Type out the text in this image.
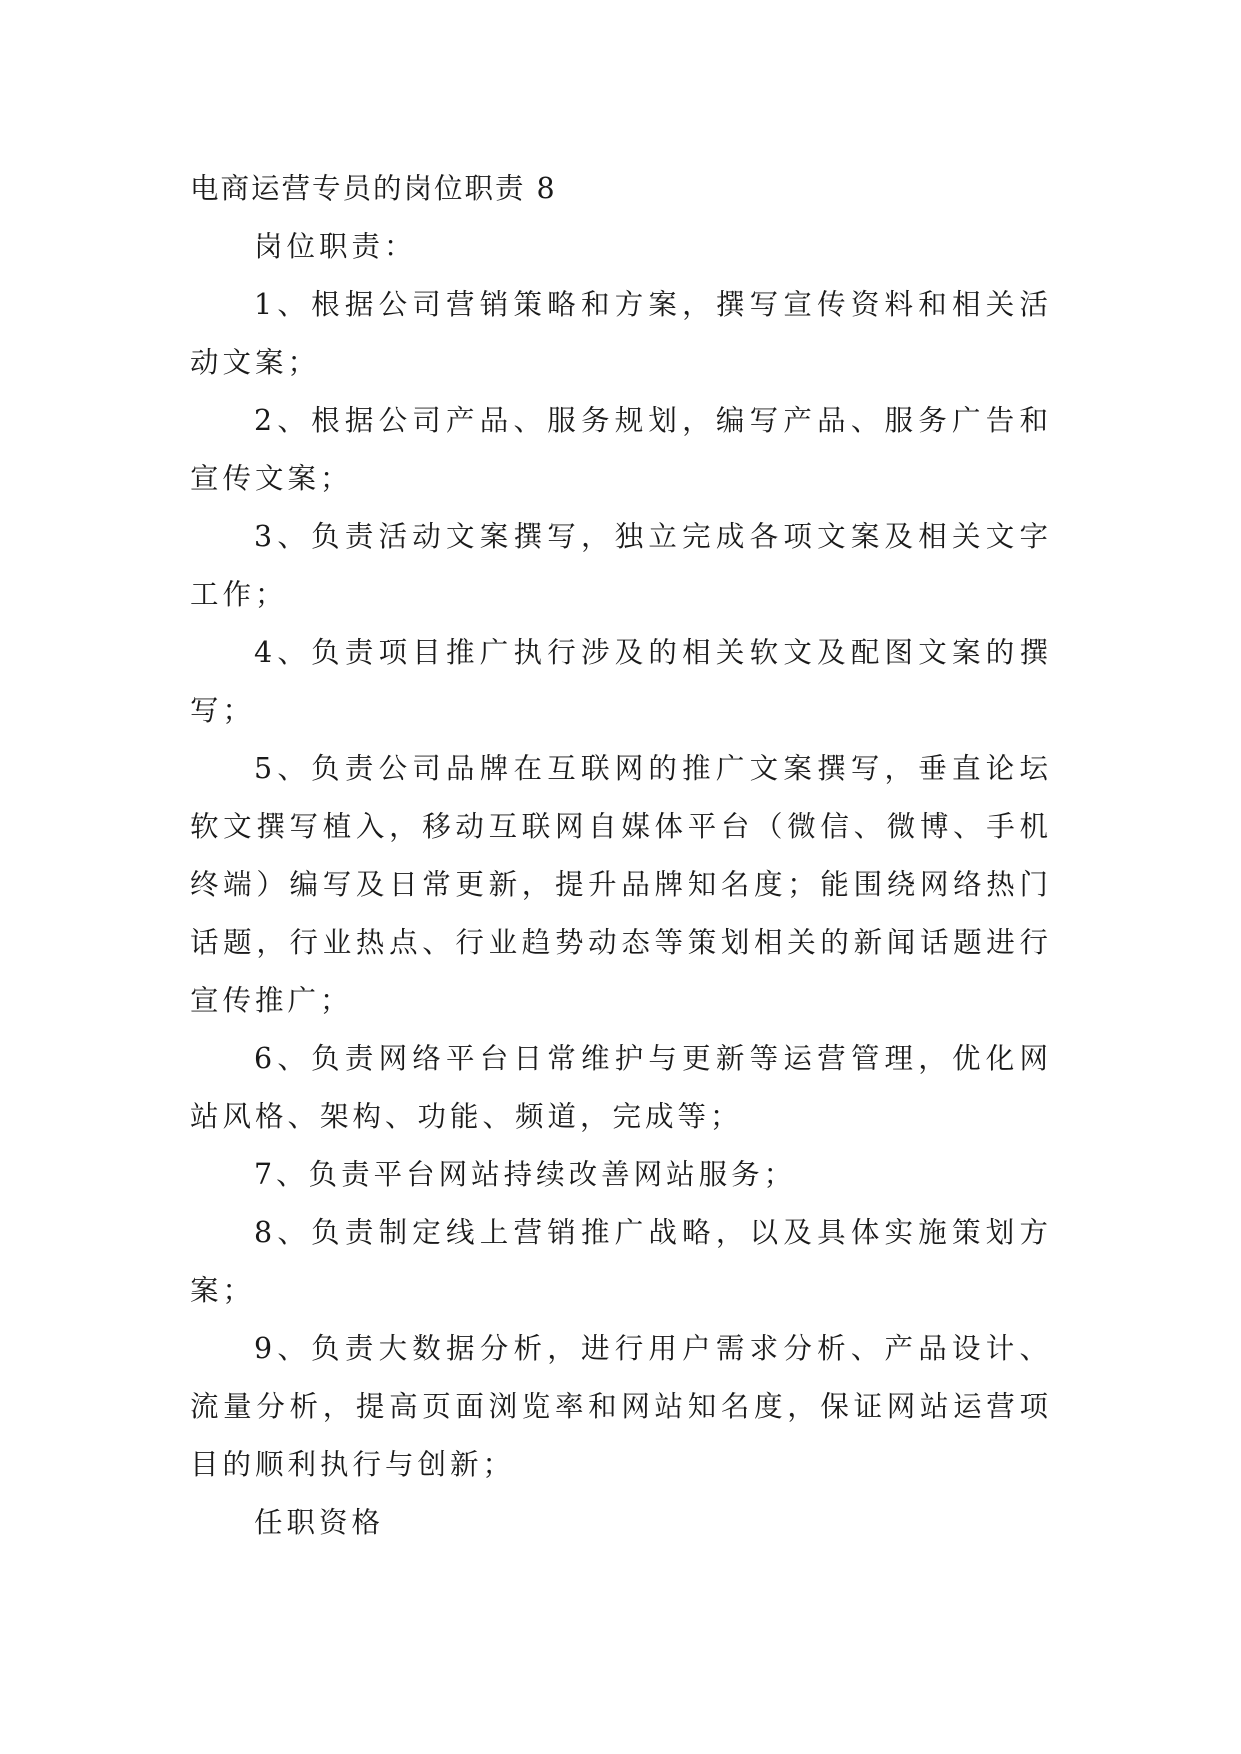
电商运营专员的岗位职责 8
岗位职责：
1、根据公司营销策略和方案，撰写宣传资料和相关活
动文案；
2、根据公司产品、服务规划，编写产品、服务广告和
宣传文案；
3、负责活动文案撰写，独立完成各项文案及相关文字
工作；
4、负责项目推广执行涉及的相关软文及配图文案的撰
写；
5、负责公司品牌在互联网的推广文案撰写，垂直论坛
软文撰写植入，移动互联网自媒体平台（微信、微博、手机
终端）编写及日常更新，提升品牌知名度；能围绕网络热门
话题，行业热点、行业趋势动态等策划相关的新闻话题进行
宣传推广；
6、负责网络平台日常维护与更新等运营管理，优化网
站风格、架构、功能、频道，完成等；
7、负责平台网站持续改善网站服务；
8、负责制定线上营销推广战略，以及具体实施策划方
案；
9、负责大数据分析，进行用户需求分析、产品设计、
流量分析，提高页面浏览率和网站知名度，保证网站运营项
目的顺利执行与创新；
任职资格
